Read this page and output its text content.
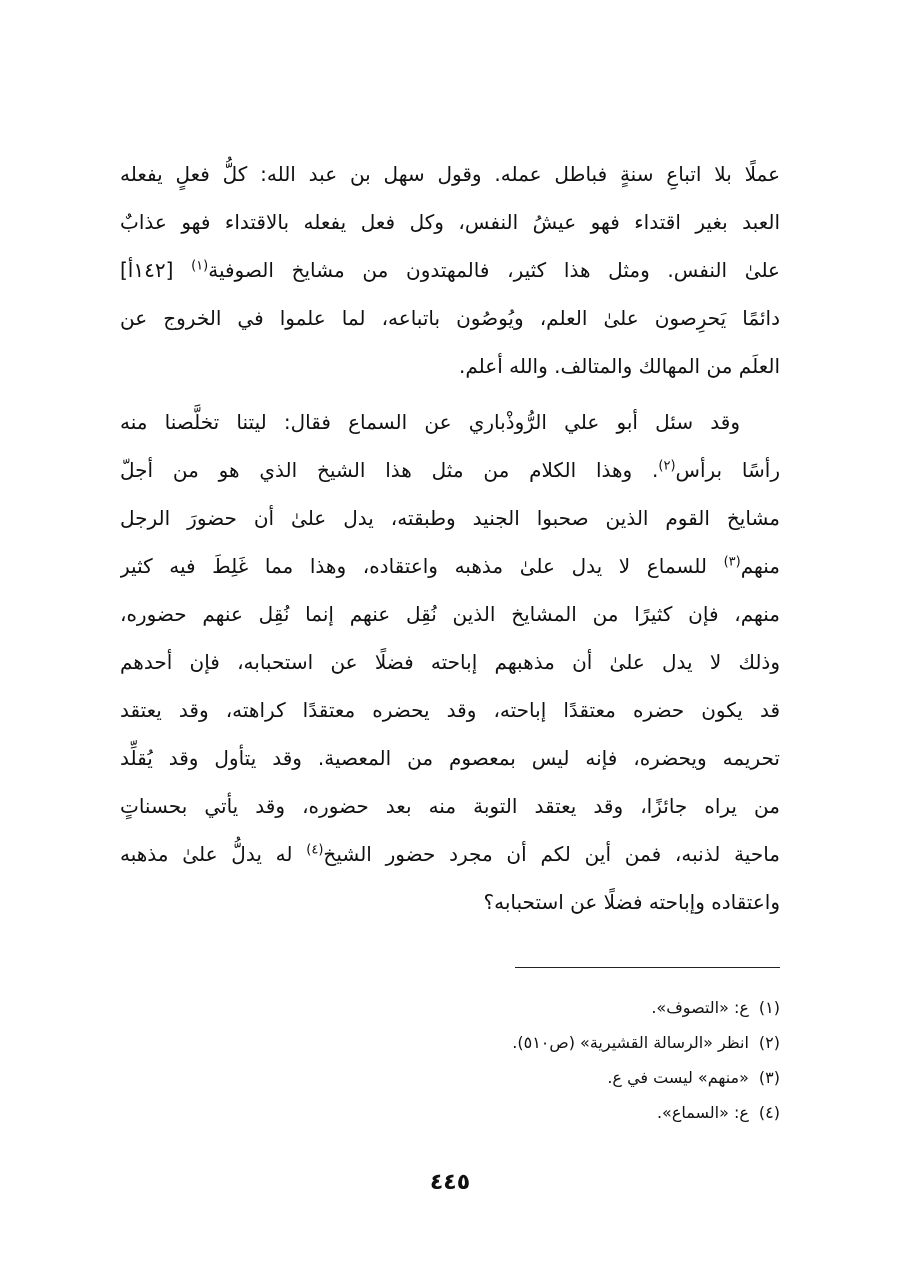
عملًا بلا اتباعِ سنةٍ فباطل عمله. وقول سهل بن عبد الله: كلُّ فعلٍ يفعله
العبد بغير اقتداء فهو عيشُ النفس، وكل فعل يفعله بالاقتداء فهو عذابٌ
علىٰ النفس. ومثل هذا كثير، فالمهتدون من مشايخ الصوفية$^{(١)}$ [١٤٢أ]
دائمًا يَحرِصون علىٰ العلم، ويُوصُون باتباعه، لما علموا في الخروج عن
العلَم من المهالك والمتالف. والله أعلم.
وقد سئل أبو علي الرُّوذْباري عن السماع فقال: ليتنا تخلَّصنا منه
رأسًا برأس$^{(٢)}$. وهذا الكلام من مثل هذا الشيخ الذي هو من أجلّ
مشايخ القوم الذين صحبوا الجنيد وطبقته، يدل علىٰ أن حضورَ الرجل
منهم$^{(٣)}$ للسماع لا يدل علىٰ مذهبه واعتقاده، وهذا مما غَلِطَ فيه كثير
منهم، فإن كثيرًا من المشايخ الذين نُقِل عنهم إنما نُقِل عنهم حضوره،
وذلك لا يدل علىٰ أن مذهبهم إباحته فضلًا عن استحبابه، فإن أحدهم
قد يكون حضره معتقدًا إباحته، وقد يحضره معتقدًا كراهته، وقد يعتقد
تحريمه ويحضره، فإنه ليس بمعصوم من المعصية. وقد يتأول وقد يُقلِّد
من يراه جائزًا، وقد يعتقد التوبة منه بعد حضوره، وقد يأتي بحسناتٍ
ماحية لذنبه، فمن أين لكم أن مجرد حضور الشيخ$^{(٤)}$ له يدلُّ علىٰ مذهبه
واعتقاده وإباحته فضلًا عن استحبابه؟
(١)ع: «التصوف».
(٢)انظر «الرسالة القشيرية» (ص٥١٠).
(٣)«منهم» ليست في ع.
(٤)ع: «السماع».
٤٤٥
